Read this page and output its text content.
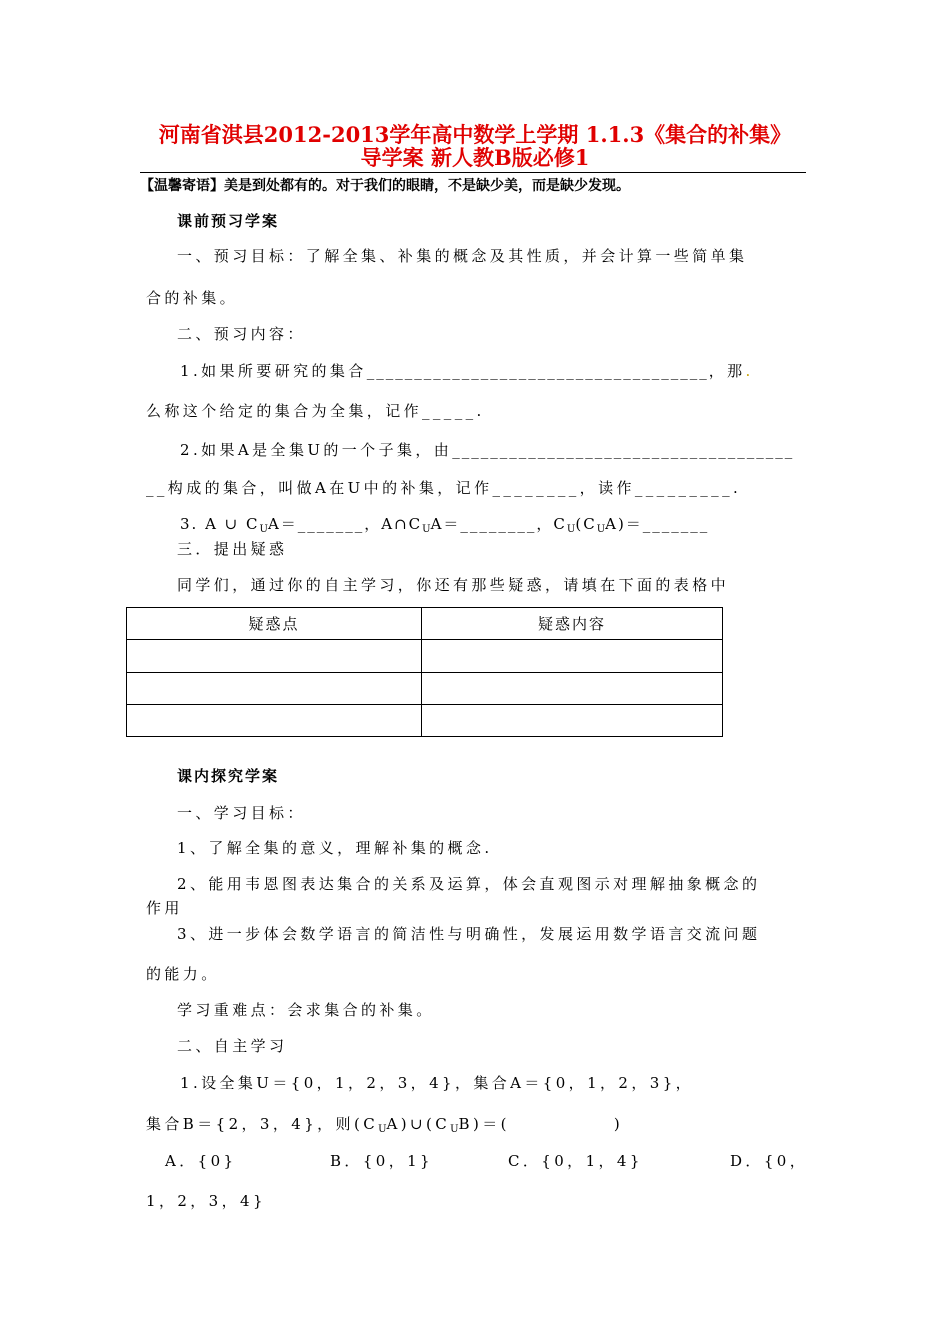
河南省淇县2012-2013学年高中数学上学期 1.1.3《集合的补集》
导学案 新人教B版必修1
【温馨寄语】美是到处都有的。对于我们的眼睛，不是缺少美，而是缺少发现。
课前预习学案
一、预习目标：了解全集、补集的概念及其性质，并会计算一些简单集
合的补集。
二、预习内容：
1.如果所要研究的集合____________________________________，那.
么称这个给定的集合为全集，记作_____.
2.如果A是全集U的一个子集，由____________________________________
__构成的集合，叫做A在U中的补集，记作________，读作_________.
3. A ∪ $C_UA=\_\_\_\_\_\_\_$，$A\cap C_UA=\_\_\_\_\_\_\_\_$，$C_U(C_UA)=\_\_\_\_\_\_\_$
三．提出疑惑
同学们，通过你的自主学习，你还有那些疑惑，请填在下面的表格中
疑惑点	疑惑内容

课内探究学案
一、学习目标：
1、了解全集的意义，理解补集的概念.
2、能用韦恩图表达集合的关系及运算，体会直观图示对理解抽象概念的
作用
3、进一步体会数学语言的简洁性与明确性，发展运用数学语言交流问题
的能力。
学习重难点：会求集合的补集。
二、自主学习
1.设全集U＝{0，1，2，3，4}，集合A＝{0，1，2，3}，
集合B＝{2，3，4}，则$(C_UA)\cup(C_UB)=$(	)
A．{0}	B．{0，1}	C．{0，1，4}	D．{0，
1，2，3，4}
